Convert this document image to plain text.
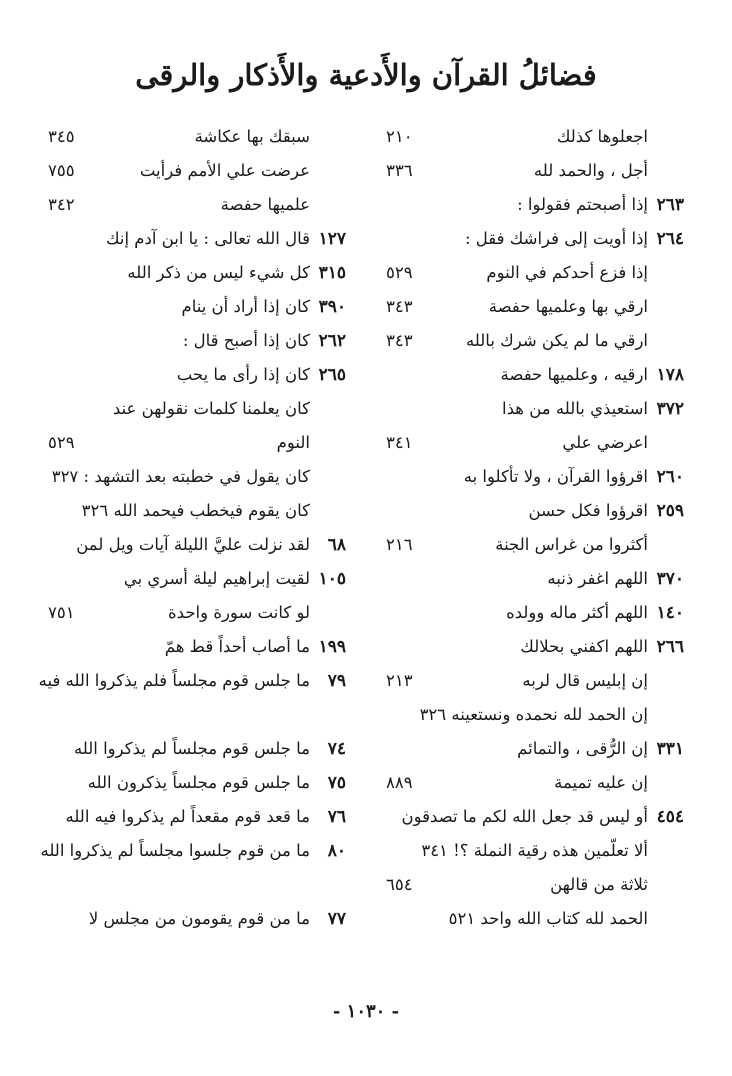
فضائلُ القرآن والأَدعية والأَذكار والرقى
اجعلوها كذلك
٢١٠
أجل ، والحمد لله
٣٣٦
٢٦٣إذا أصبحتم فقولوا :
٢٦٤إذا أويت إلى فراشك فقل :
إذا فزع أحدكم في النوم
٥٢٩
ارقي بها وعلميها حفصة
٣٤٣
ارقي ما لم يكن شرك بالله
٣٤٣
١٧٨ارقيه ، وعلميها حفصة
٣٧٢استعيذي بالله من هذا
اعرضي علي
٣٤١
٢٦٠اقرؤوا القرآن ، ولا تأكلوا به
٢٥٩اقرؤوا فكل حسن
أكثروا من غراس الجنة
٢١٦
٣٧٠اللهم اغفر ذنبه
١٤٠اللهم أكثر ماله وولده
٢٦٦اللهم اكفني بحلالك
إن إبليس قال لربه
٢١٣
إن الحمد لله نحمده ونستعينه ٣٢٦
٣٣١إن الرُّقى ، والتمائم
إن عليه تميمة
٨٨٩
٤٥٤أو ليس قد جعل الله لكم ما تصدقون
ألا تعلّمين هذه رقية النملة ؟! ٣٤١
ثلاثة من قالهن
٦٥٤
الحمد لله كتاب الله واحد ٥٢١
سبقك بها عكاشة
٣٤٥
عرضت علي الأمم فرأيت
٧٥٥
علميها حفصة
٣٤٢
١٢٧قال الله تعالى : يا ابن آدم إنك
٣١٥كل شيء ليس من ذكر الله
٣٩٠كان إذا أراد أن ينام
٢٦٢كان إذا أصبح قال :
٢٦٥كان إذا رأى ما يحب
كان يعلمنا كلمات نقولهن عند
النوم
٥٢٩
كان يقول في خطبته بعد التشهد : ٣٢٧
كان يقوم فيخطب فيحمد الله ٣٢٦
٦٨لقد نزلت عليَّ الليلة آيات ويل لمن
١٠٥لقيت إبراهيم ليلة أسري بي
لو كانت سورة واحدة
٧٥١
١٩٩ما أصاب أحداً قط همّ
٧٩ما جلس قوم مجلساً فلم يذكروا الله فيه
٧٤ما جلس قوم مجلساً لم يذكروا الله
٧٥ما جلس قوم مجلساً يذكرون الله
٧٦ما قعد قوم مقعداً لم يذكروا فيه الله
٨٠ما من قوم جلسوا مجلساً لم يذكروا الله
٧٧ما من قوم يقومون من مجلس لا
- ١٠٣٠ -
